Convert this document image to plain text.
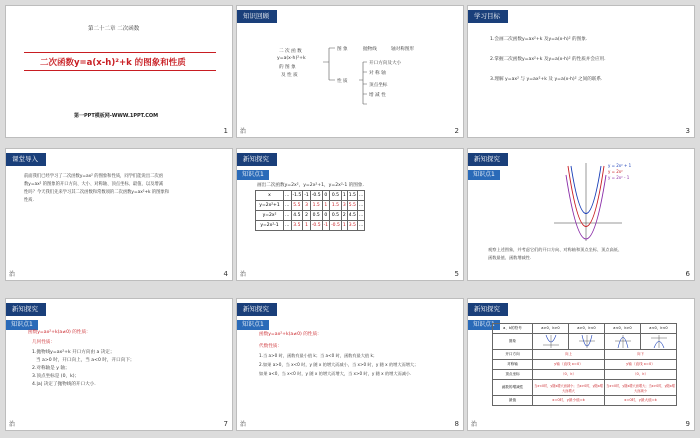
第二十二章 二次函数
二次函数y=a(x-h)²+k 的图象和性质
第一PPT模板网-WWW.1PPT.COM
1
知识回顾
二 次 函 数
y=a(x-h)²+k
的 图 象
及 性 质
图 象	抛物线	轴对称图形
性 质
开口方向及大小
对 称 轴
顶点坐标
增 减 性
治	2
学习目标
1.会画二次函数y=ax²+k 及y=a(x-h)² 的图象.
2.掌握二次函数y=ax²+k 及y=a(x-h)² 的性质并会应用.
3.理解 y=ax² 与 y=ax²+k 及 y=a(x-h)² 之间的联系.
3
课堂导入
前面我们已经学习了二次函数y=ax² 的图象和性质，同学们能说出二次函
数y=ax² 的图象的开口方向、大小、对称轴、顶点坐标、最值、以及增减
性吗？今天我们先来学习其二次函数和常数项的二次函数y=ax²+k 的图象和
性质.
治	4
新知探究
知识点1
画出二次函数y=2x²，y=2x²+1，y=2x²-1 的图象.
x	…	-1.5	-1	-0.5	0	0.5	1	1.5	…
y=2x²+1	…	5.5	3	1.5	1	1.5	3	5.5	…
y=2x²	…	4.5	2	0.5	0	0.5	2	4.5	…
y=2x²-1	…	3.5	1	-0.5	-1	-0.5	1	3.5	…
治	5
新知探究
知识点1
y = 2x² + 1
y = 2x²
y = 2x² - 1
观察上述图象，并考虑它们的开口方向、对称轴和顶点坐标、顶点高低、
函数最值、函数增减性.
6
新知探究
知识点1
函数y=ax²+k(a≠0) 的性质：
几何性质：
1.抛物线y=ax²+k 开口方向由 a 决定；
当 a>0 时，开口向上，当 a<0 时，开口向下；
2.对称轴是 y 轴；
3.顶点坐标是 (0，k)；
4.|a| 决定了抛物线的开口大小.
治	7
新知探究
知识点1
函数y=ax²+k(a≠0) 的性质：
代数性质：
1.当 a>0 时，函数有最小值 k；当 a<0 时，函数有最大值 k；
2.如果 a>0，当 x<0 时，y 随 x 的增大而减小，当 x>0 时，y 随 x 的增大而增大；
如果 a<0，当 x<0 时，y 随 x 的增大而增大，当 x>0 时，y 随 x 的增大而减小.
治	8
新知探究
知识点1	a、k的符号	a>0，k>0	a>0，k<0	a<0，k>0	a<0，k<0
图象				
开口方向	向上		向下	
对称轴	y轴（直线 x=0）		y轴（直线 x=0）	
顶点坐标	（0，k）		（0，k）	
函数的增减性	当x<0时，y随x增大而减小；当x>0时，y随x增大而增大		当x<0时，y随x增大而增大；当x>0时，y随x增大而减小	
最值	x=0时，y最小值=k		x=0时，y最大值=k	
治	9
